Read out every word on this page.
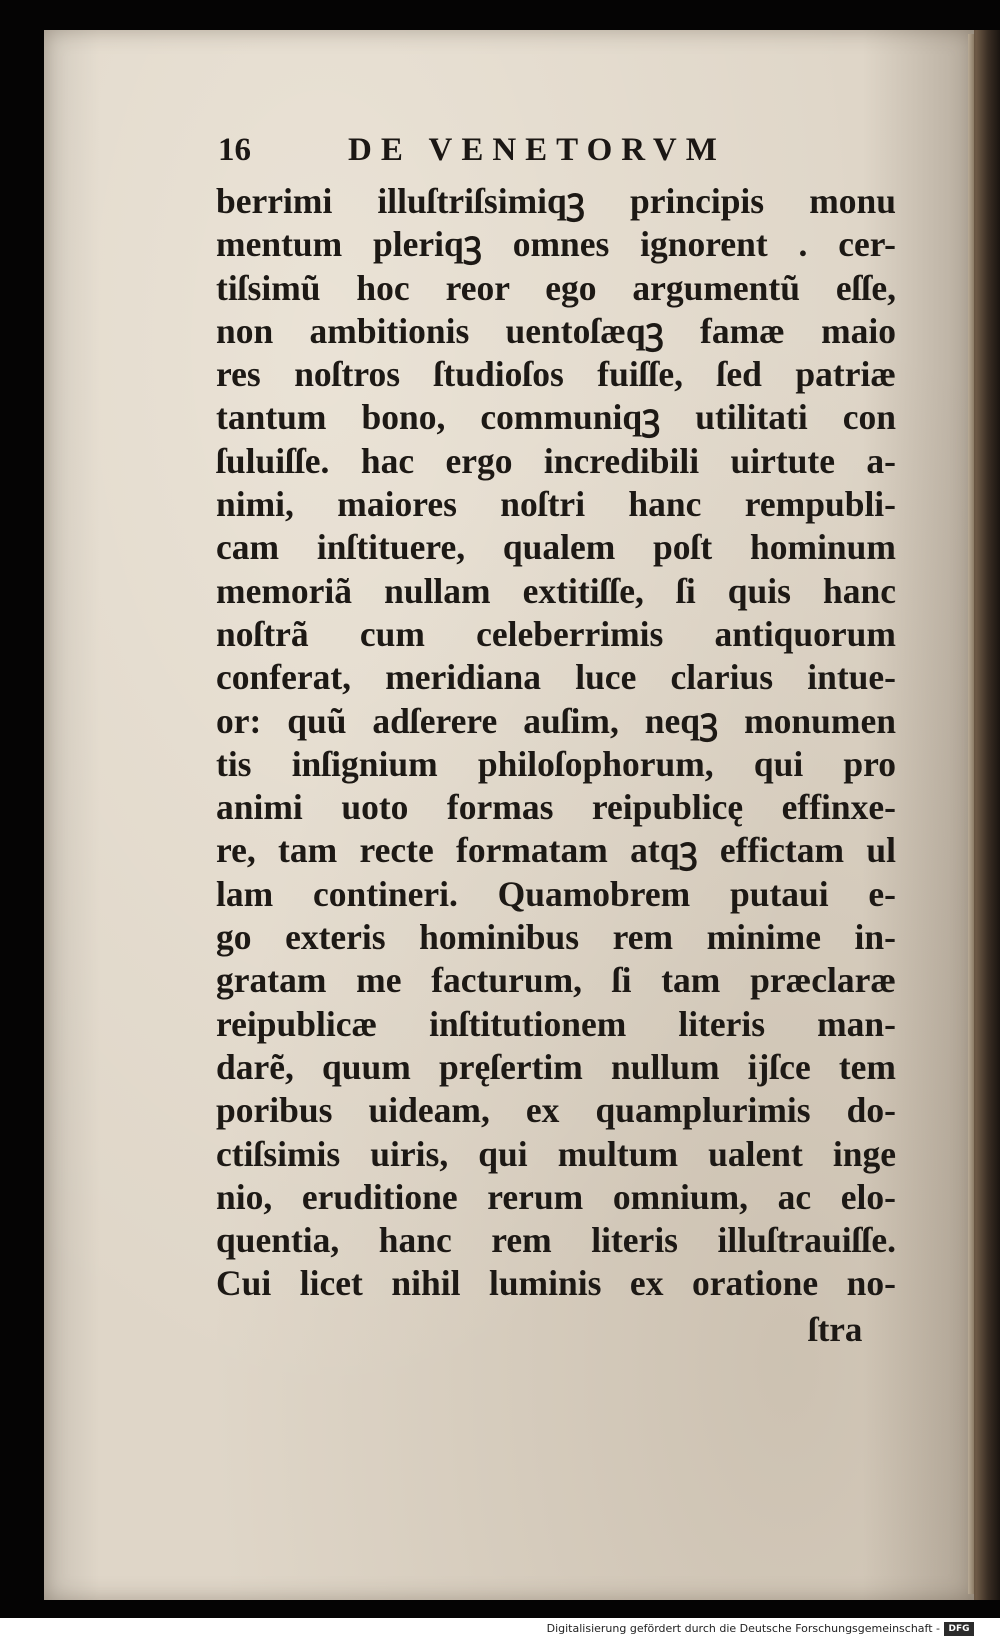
16	DE VENETORVM
berrimi illuſtriſsimiqꝫ principis monu
mentum pleriqꝫ omnes ignorent . cer-
tiſsimũ hoc reor ego argumentũ eſſe,
non ambitionis uentoſæqꝫ famæ maio
res noſtros ſtudioſos fuiſſe, ſed patriæ
tantum bono, communiqꝫ utilitati con
ſuluiſſe. hac ergo incredibili uirtute a-
nimi, maiores noſtri hanc rempubli-
cam inſtituere, qualem poſt hominum
memoriã nullam extitiſſe, ſi quis hanc
noſtrã cum celeberrimis antiquorum
conferat, meridiana luce clarius intue-
or: quũ adſerere auſim, neqꝫ monumen
tis inſignium philoſophorum, qui pro
animi uoto formas reipublicę effinxe-
re, tam recte formatam atqꝫ effictam ul
lam contineri. Quamobrem putaui e-
go exteris hominibus rem minime in-
gratam me facturum, ſi tam præclaræ
reipublicæ inſtitutionem literis man-
darẽ, quum pręſertim nullum ijſce tem
poribus uideam, ex quamplurimis do-
ctiſsimis uiris, qui multum ualent inge
nio, eruditione rerum omnium, ac elo-
quentia, hanc rem literis illuſtrauiſſe.
Cui licet nihil luminis ex oratione no-
ſtra
Digitalisierung gefördert durch die Deutsche Forschungsgemeinschaft - DFG
